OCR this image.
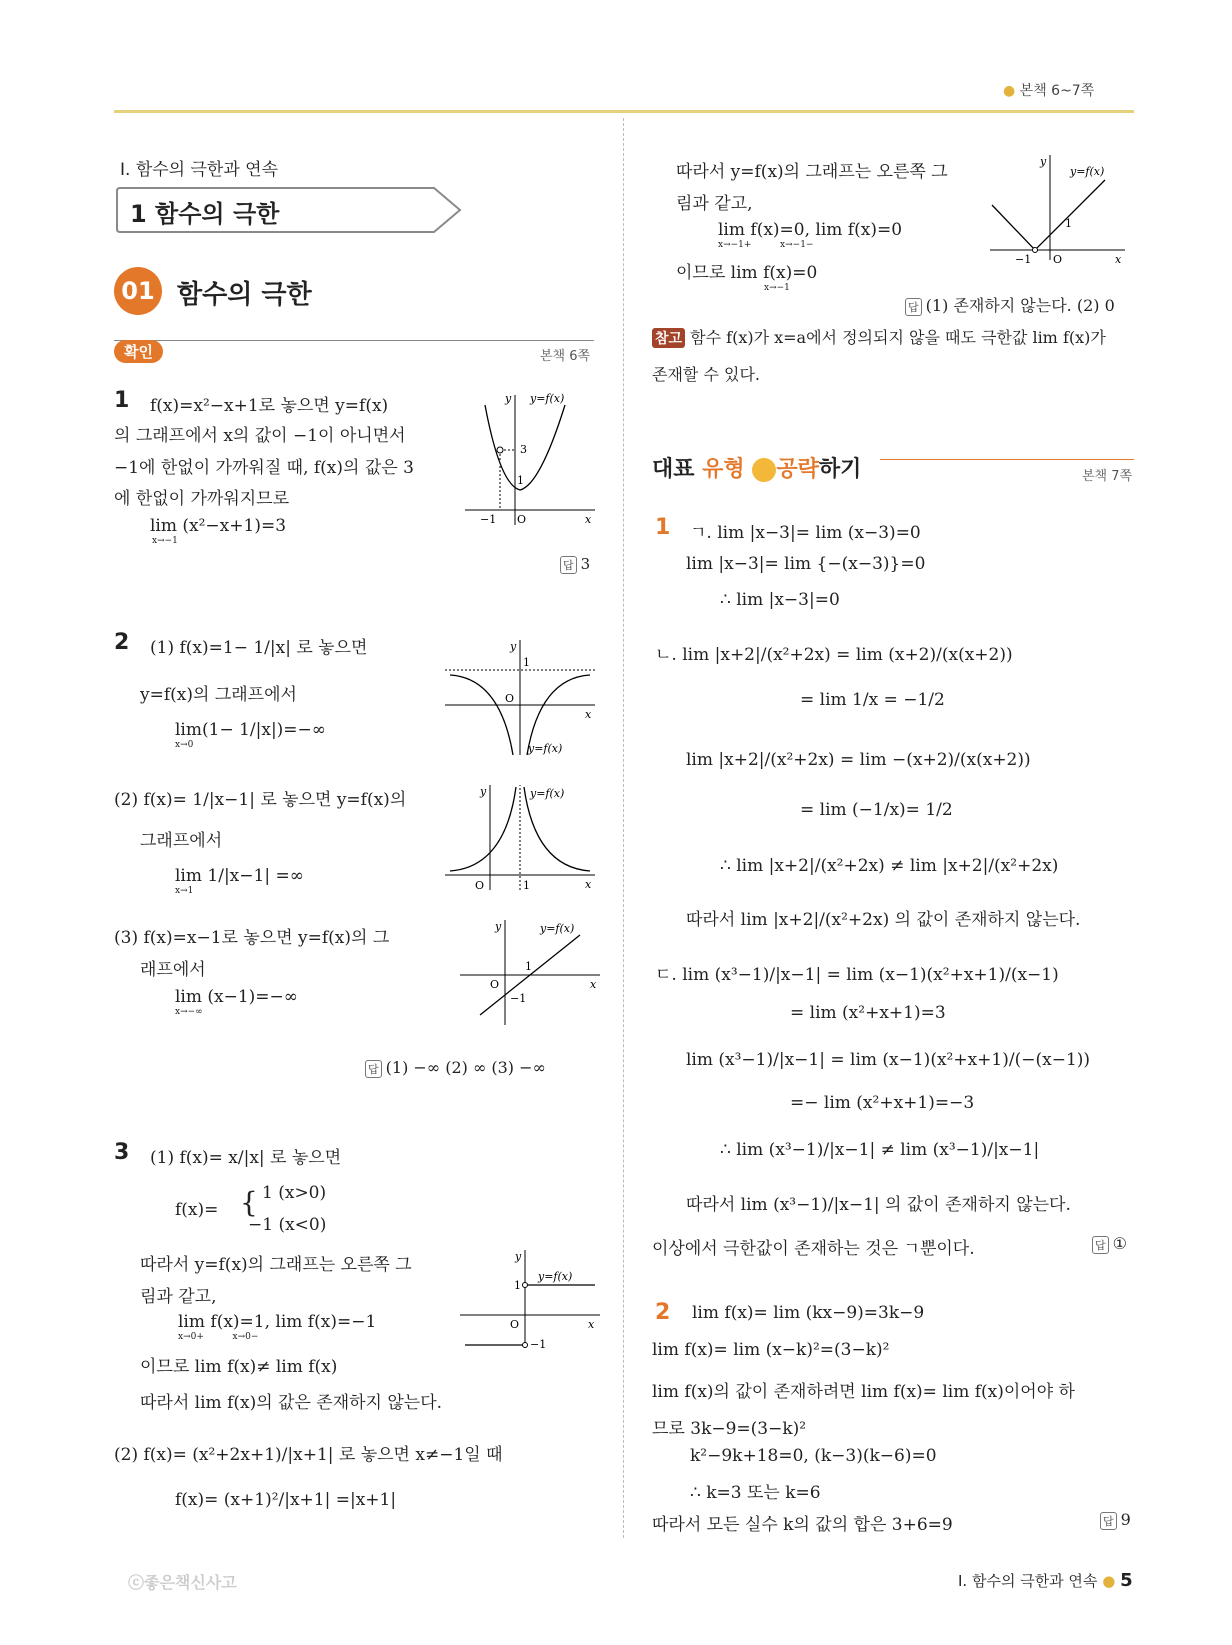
● 본책 6~7쪽
Ⅰ. 함수의 극한과 연속
1 함수의 극한
01 함수의 극한
확인	본책 6쪽
1 f(x)=x²−x+1로 놓으면 y=f(x)
의 그래프에서 x의 값이 −1이 아니면서
−1에 한없이 가까워질 때, f(x)의 값은 3
에 한없이 가까워지므로
lim (x²−x+1)=3
x→−1
답 3
3
1
−1 O	x
y y=f(x)
2 (1) f(x)=1− 1/|x| 로 놓으면
y=f(x)의 그래프에서
lim(1− 1/|x|)=−∞
x→0
(2) f(x)= 1/|x−1| 로 놓으면 y=f(x)의
그래프에서
lim 1/|x−1| =∞
x→1
(3) f(x)=x−1로 놓으면 y=f(x)의 그
래프에서
lim (x−1)=−∞
x→−∞
답 (1) −∞ (2) ∞ (3) −∞
1
O
x
y
y=f(x)
O	1	x
y	y=f(x)
O
1
−1
x
y	y=f(x)
3 (1) f(x)= x/|x| 로 놓으면
f(x)= { 1 (x>0)
−1 (x<0)
따라서 y=f(x)의 그래프는 오른쪽 그
림과 같고,
lim f(x)=1, lim f(x)=−1
x→0+          x→0−
이므로 lim f(x)≠ lim f(x)
따라서 lim f(x)의 값은 존재하지 않는다.
(2) f(x)= (x²+2x+1)/|x+1| 로 놓으면 x≠−1일 때
f(x)= (x+1)²/|x+1| =|x+1|
1
O
−1
x
y
y=f(x)
따라서 y=f(x)의 그래프는 오른쪽 그
림과 같고,
lim f(x)=0, lim f(x)=0
x→−1+          x→−1−
이므로 lim f(x)=0
x→−1
1
−1 O	x
y
y=f(x)
답 (1) 존재하지 않는다. (2) 0
참고 함수 f(x)가 x=a에서 정의되지 않을 때도 극한값 lim f(x)가
존재할 수 있다.
대표 유형 공략하기	본책 7쪽
1 ㄱ. lim |x−3|= lim (x−3)=0
lim |x−3|= lim {−(x−3)}=0
∴ lim |x−3|=0
ㄴ. lim |x+2|/(x²+2x) = lim (x+2)/(x(x+2))
= lim 1/x = −1/2
lim |x+2|/(x²+2x) = lim −(x+2)/(x(x+2))
= lim (−1/x)= 1/2
∴ lim |x+2|/(x²+2x) ≠ lim |x+2|/(x²+2x)
따라서 lim |x+2|/(x²+2x) 의 값이 존재하지 않는다.
ㄷ. lim (x³−1)/|x−1| = lim (x−1)(x²+x+1)/(x−1)
= lim (x²+x+1)=3
lim (x³−1)/|x−1| = lim (x−1)(x²+x+1)/(−(x−1))
=− lim (x²+x+1)=−3
∴ lim (x³−1)/|x−1| ≠ lim (x³−1)/|x−1|
따라서 lim (x³−1)/|x−1| 의 값이 존재하지 않는다.
이상에서 극한값이 존재하는 것은 ㄱ뿐이다.	답 ①
2 lim f(x)= lim (kx−9)=3k−9
lim f(x)= lim (x−k)²=(3−k)²
lim f(x)의 값이 존재하려면 lim f(x)= lim f(x)이어야 하
므로 3k−9=(3−k)²
k²−9k+18=0, (k−3)(k−6)=0
∴ k=3 또는 k=6
따라서 모든 실수 k의 값의 합은 3+6=9	답 9
ⓒ좋은책신사고	Ⅰ. 함수의 극한과 연속 ● 5
